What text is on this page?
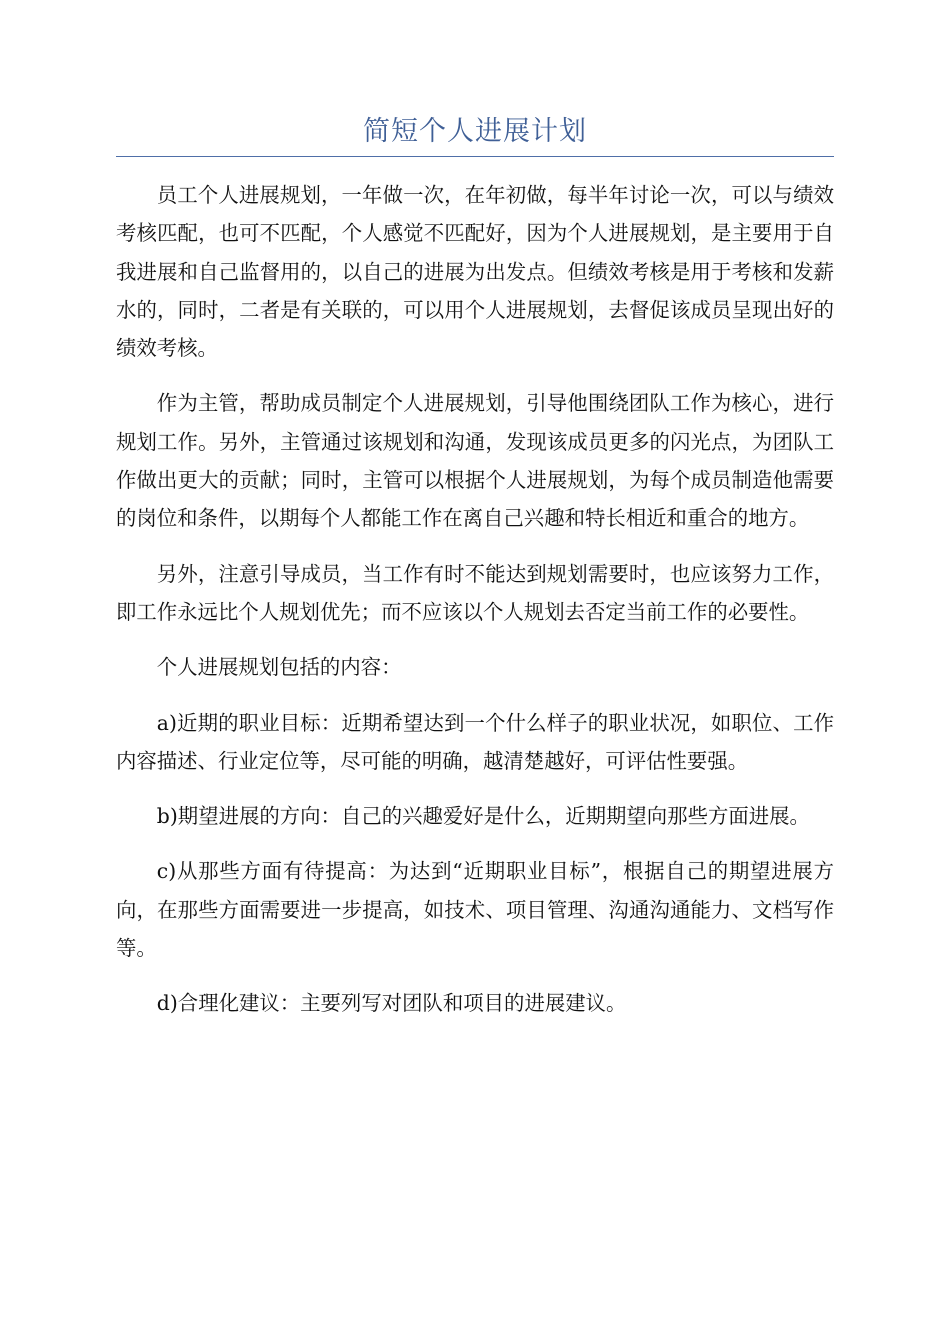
简短个人进展计划

员工个人进展规划，一年做一次，在年初做，每半年讨论一次，可以与绩效考核匹配，也可不匹配，个人感觉不匹配好，因为个人进展规划，是主要用于自我进展和自己监督用的，以自己的进展为出发点。但绩效考核是用于考核和发薪水的，同时，二者是有关联的，可以用个人进展规划，去督促该成员呈现出好的绩效考核。

作为主管，帮助成员制定个人进展规划，引导他围绕团队工作为核心，进行规划工作。另外，主管通过该规划和沟通，发现该成员更多的闪光点，为团队工作做出更大的贡献；同时，主管可以根据个人进展规划，为每个成员制造他需要的岗位和条件，以期每个人都能工作在离自己兴趣和特长相近和重合的地方。

另外，注意引导成员，当工作有时不能达到规划需要时，也应该努力工作，即工作永远比个人规划优先；而不应该以个人规划去否定当前工作的必要性。

个人进展规划包括的内容：

a)近期的职业目标：近期希望达到一个什么样子的职业状况，如职位、工作内容描述、行业定位等，尽可能的明确，越清楚越好，可评估性要强。

b)期望进展的方向：自己的兴趣爱好是什么，近期期望向那些方面进展。

c)从那些方面有待提高：为达到“近期职业目标”，根据自己的期望进展方向，在那些方面需要进一步提高，如技术、项目管理、沟通沟通能力、文档写作等。

d)合理化建议：主要列写对团队和项目的进展建议。
